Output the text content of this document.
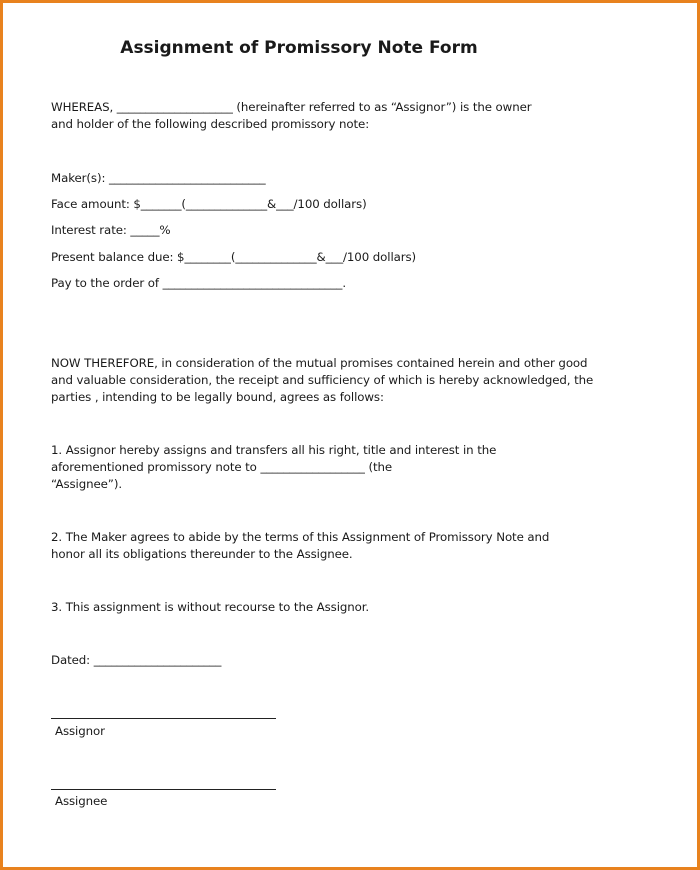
Assignment of Promissory Note Form
WHEREAS, ____________________ (hereinafter referred to as “Assignor”) is the owner
and holder of the following described promissory note:
Maker(s): ___________________________
Face amount: $_______(______________&___/100 dollars)
Interest rate: _____%
Present balance due: $________(______________&___/100 dollars)
Pay to the order of _______________________________.
NOW THEREFORE, in consideration of the mutual promises contained herein and other good
and valuable consideration, the receipt and sufficiency of which is hereby acknowledged, the
parties , intending to be legally bound, agrees as follows:
1. Assignor hereby assigns and transfers all his right, title and interest in the
aforementioned promissory note to __________________ (the
“Assignee”).
2. The Maker agrees to abide by the terms of this Assignment of Promissory Note and
honor all its obligations thereunder to the Assignee.
3. This assignment is without recourse to the Assignor.
Dated: ______________________
Assignor
Assignee
